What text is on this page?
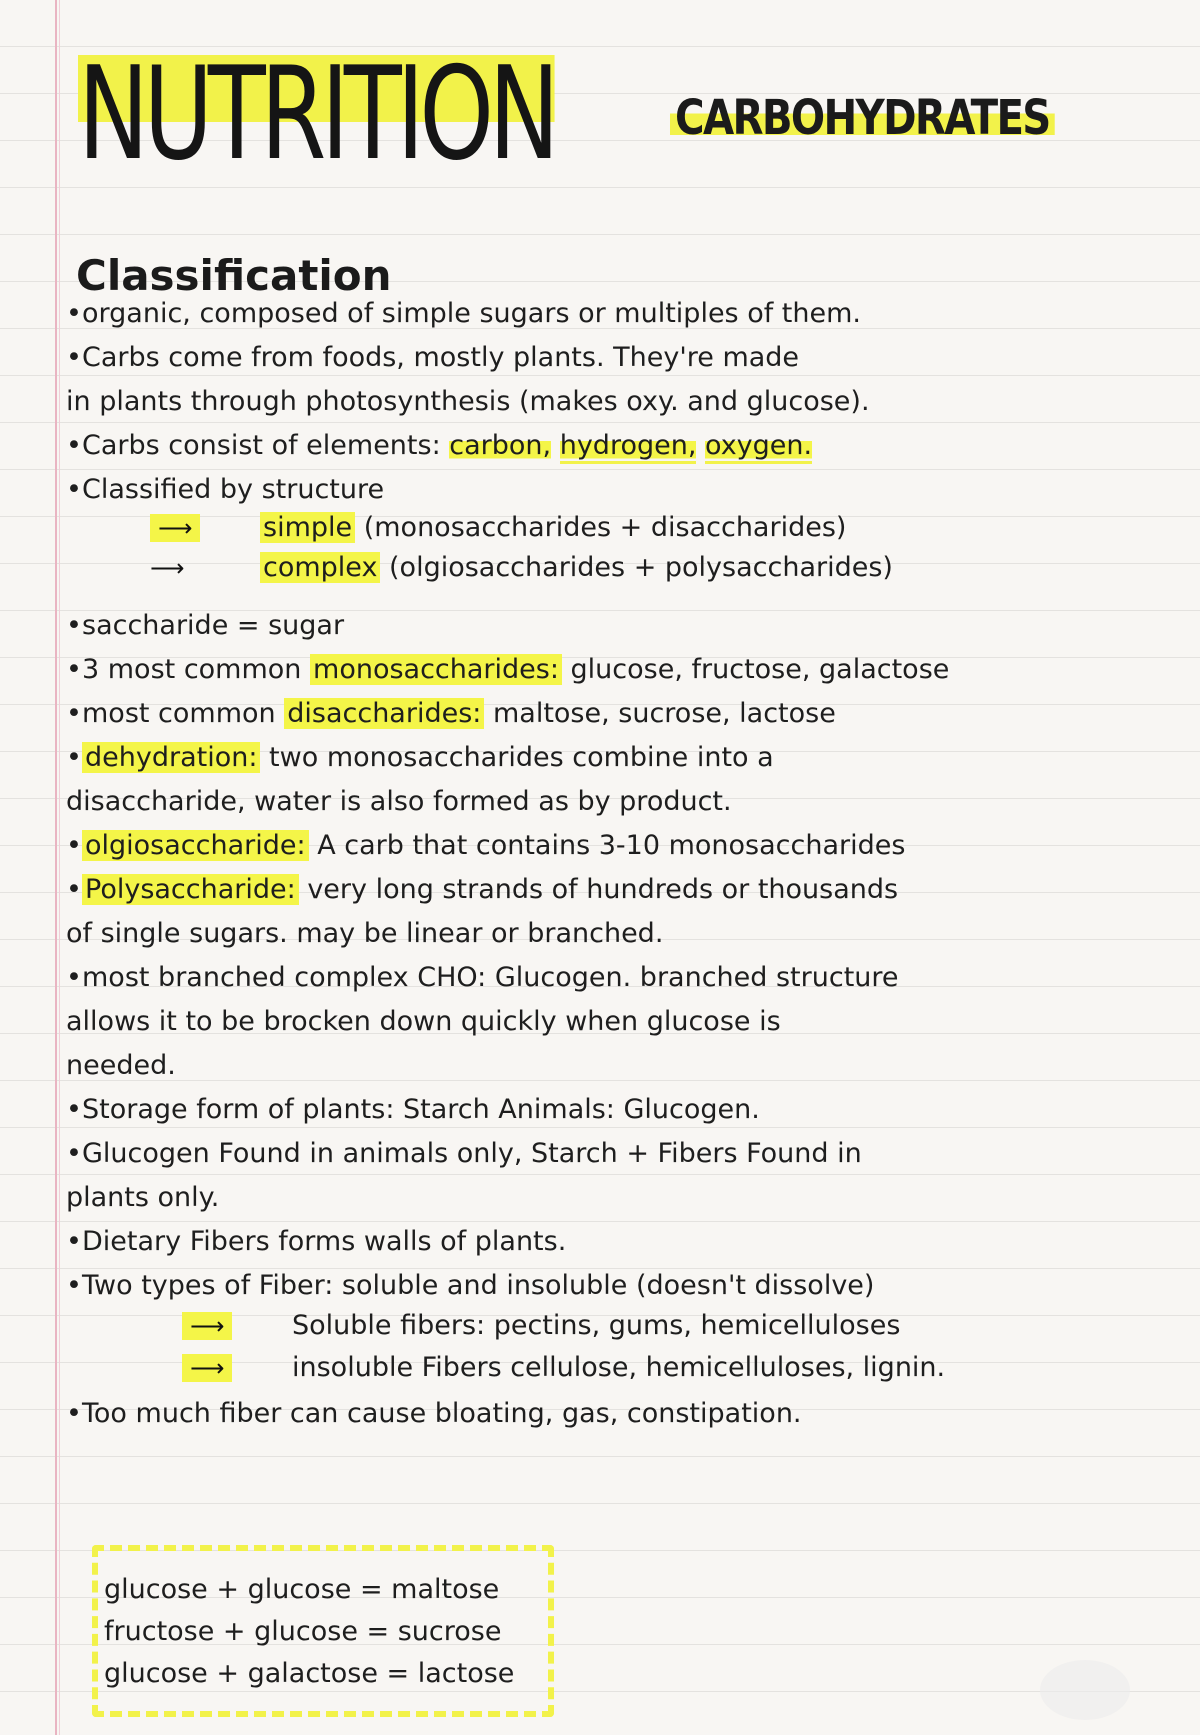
NUTRITION	CARBOHYDRATES
Classification
•organic, composed of simple sugars or multiples of them.
•Carbs come from foods, mostly plants. They're made
in plants through photosynthesis (makes oxy. and glucose).
•Carbs consist of elements: carbon, hydrogen, oxygen.
•Classified by structure
⟶	simple (monosaccharides + disaccharides)
⟶	complex (olgiosaccharides + polysaccharides)
•saccharide = sugar
•3 most common monosaccharides: glucose, fructose, galactose
•most common disaccharides: maltose, sucrose, lactose
• dehydration: two monosaccharides combine into a
disaccharide, water is also formed as by product.
• olgiosaccharide: A carb that contains 3-10 monosaccharides
• Polysaccharide: very long strands of hundreds or thousands
of single sugars. may be linear or branched.
•most branched complex CHO: Glucogen. branched structure
allows it to be brocken down quickly when glucose is
needed.
•Storage form of plants: Starch Animals: Glucogen.
•Glucogen Found in animals only, Starch + Fibers Found in
plants only.
•Dietary Fibers forms walls of plants.
•Two types of Fiber: soluble and insoluble (doesn't dissolve)
⟶	Soluble fibers: pectins, gums, hemicelluloses
⟶	insoluble Fibers cellulose, hemicelluloses, lignin.
•Too much fiber can cause bloating, gas, constipation.
glucose + glucose = maltose
fructose + glucose = sucrose
glucose + galactose = lactose
